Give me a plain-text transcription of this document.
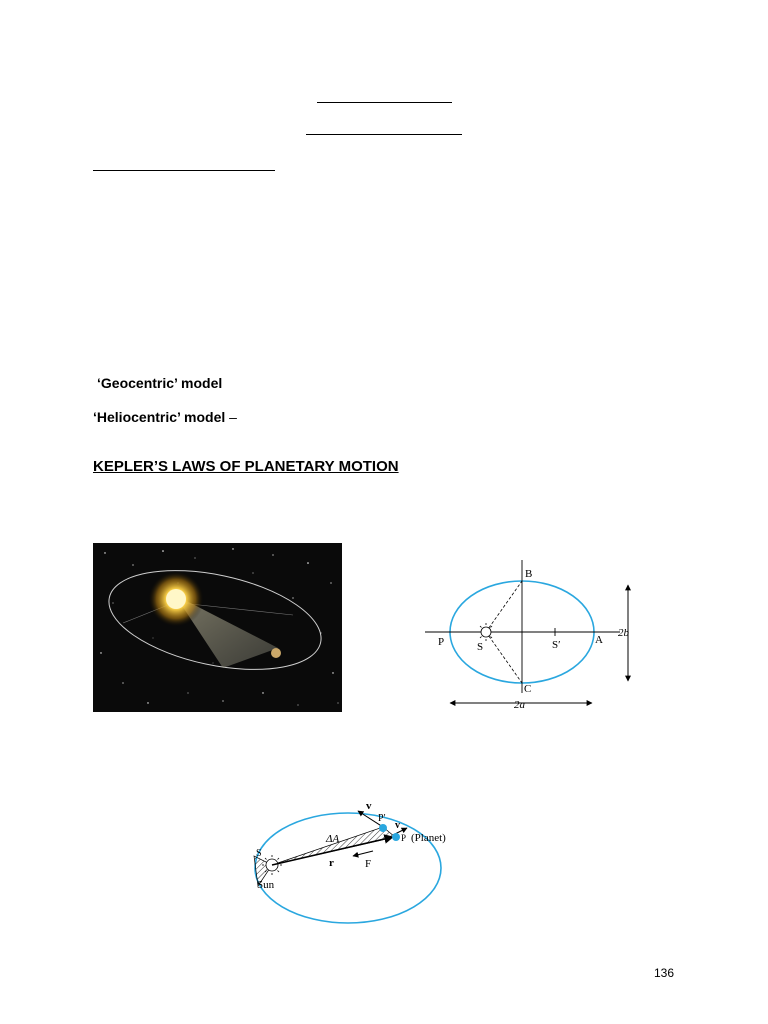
‘Geocentric’ model
‘Heliocentric’ model –
KEPLER’S LAWS OF PLANETARY MOTION
B
C
P	S	S′	A
2b
2a
v
P′
v
P (Planet)
ΔA
S
r	F
Sun
136
